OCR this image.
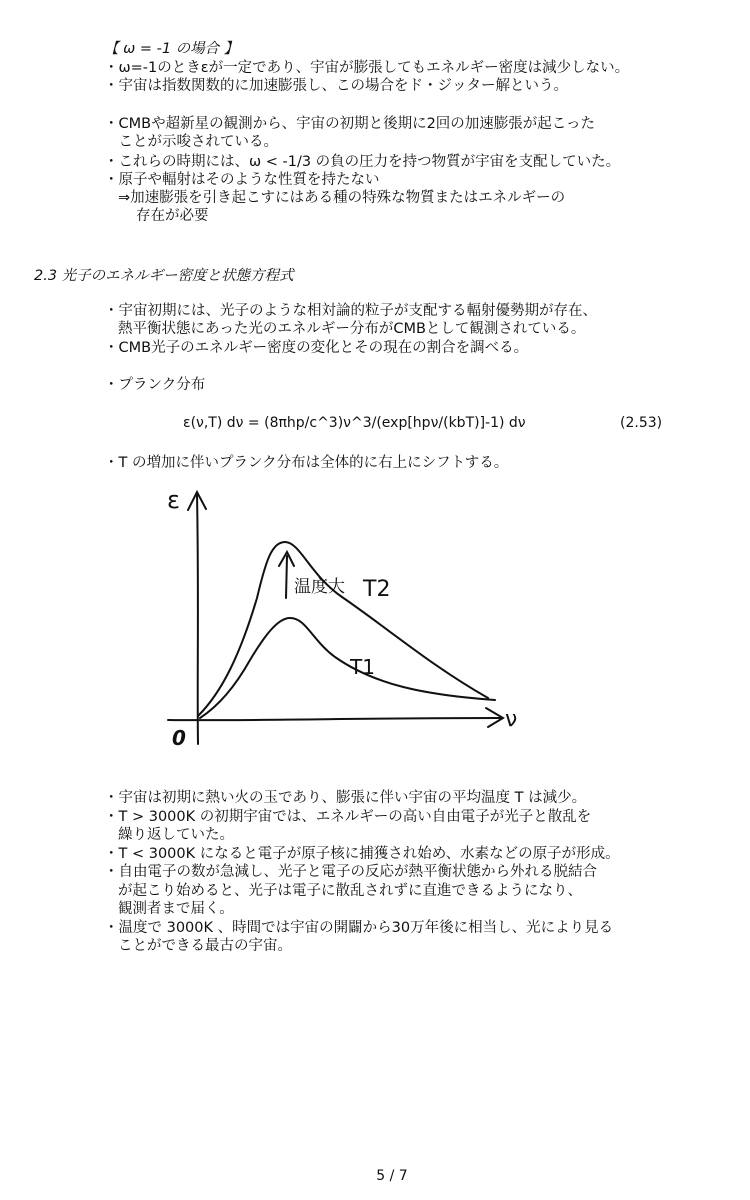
【 ω = -1 の場合 】
・ω=-1のときεが一定であり、宇宙が膨張してもエネルギー密度は減少しない。
・宇宙は指数関数的に加速膨張し、この場合をド・ジッター解という。
・CMBや超新星の観測から、宇宙の初期と後期に2回の加速膨張が起こった
　ことが示唆されている。
・これらの時期には、ω < -1/3 の負の圧力を持つ物質が宇宙を支配していた。
・原子や輻射はそのような性質を持たない
⇒加速膨張を引き起こすにはある種の特殊な物質またはエネルギーの
存在が必要
2.3 光子のエネルギー密度と状態方程式
・宇宙初期には、光子のような相対論的粒子が支配する輻射優勢期が存在、
熱平衡状態にあった光のエネルギー分布がCMBとして観測されている。
・CMB光子のエネルギー密度の変化とその現在の割合を調べる。
・プランク分布
ε(ν,T) dν = (8πhp/c^3)ν^3/(exp[hpν/(kbT)]-1) dν	(2.53)
・T の増加に伴いプランク分布は全体的に右上にシフトする。
ε
ν
0
温度大 T2
T1
・宇宙は初期に熱い火の玉であり、膨張に伴い宇宙の平均温度 T は減少。
・T > 3000K の初期宇宙では、エネルギーの高い自由電子が光子と散乱を
繰り返していた。
・T < 3000K になると電子が原子核に捕獲され始め、水素などの原子が形成。
・自由電子の数が急減し、光子と電子の反応が熱平衡状態から外れる脱結合
が起こり始めると、光子は電子に散乱されずに直進できるようになり、
観測者まで届く。
・温度で 3000K 、時間では宇宙の開闢から30万年後に相当し、光により見る
ことができる最古の宇宙。
5 / 7
